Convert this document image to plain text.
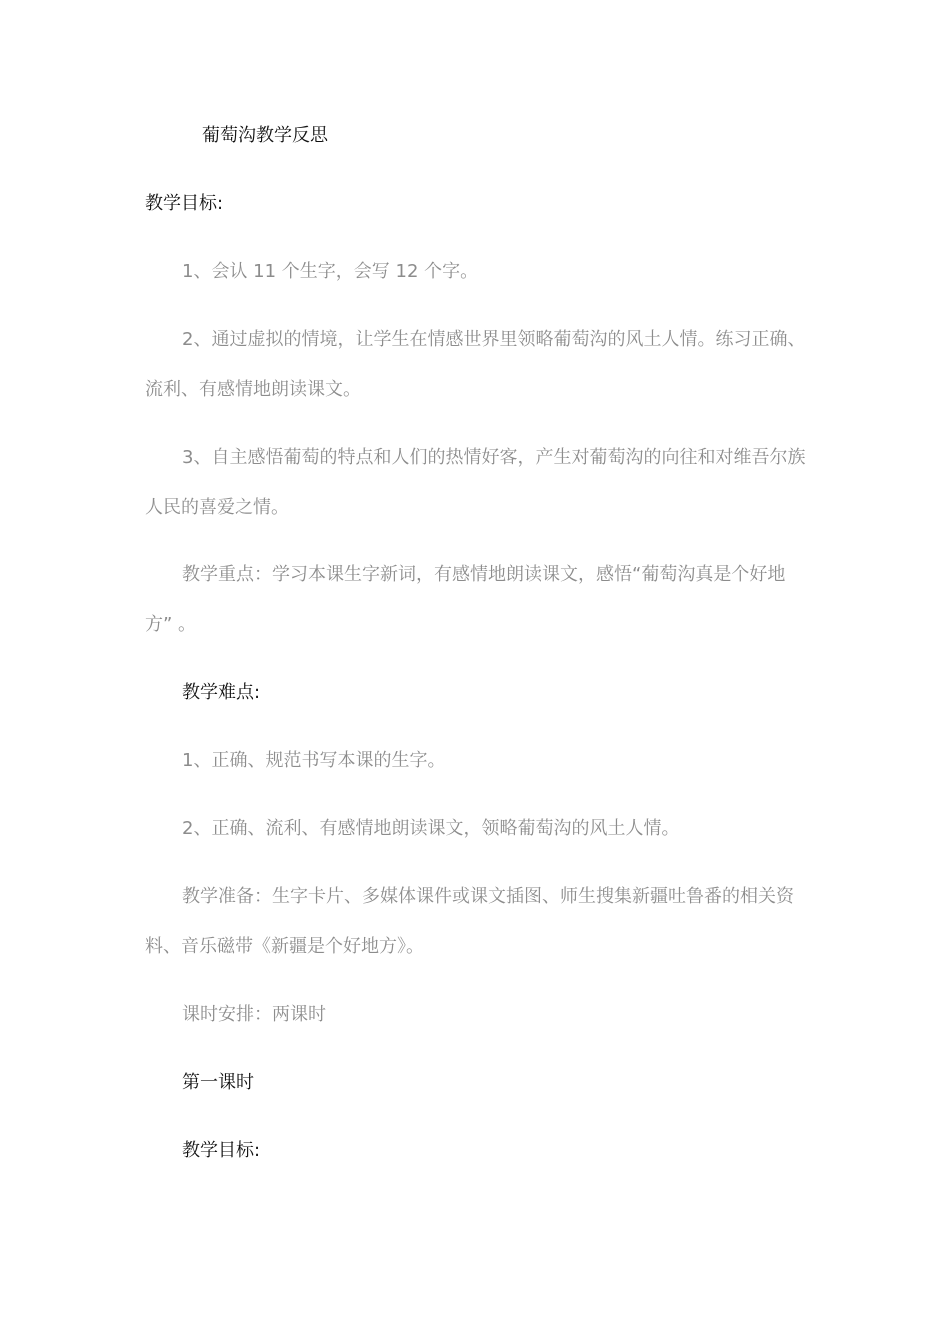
葡萄沟教学反思

教学目标:

1、会认 11 个生字，会写 12 个字。

2、通过虚拟的情境，让学生在情感世界里领略葡萄沟的风土人情。练习正确、流利、有感情地朗读课文。

3、自主感悟葡萄的特点和人们的热情好客，产生对葡萄沟的向往和对维吾尔族人民的喜爱之情。

教学重点：学习本课生字新词，有感情地朗读课文，感悟“葡萄沟真是个好地方” 。

教学难点:

1、正确、规范书写本课的生字。

2、正确、流利、有感情地朗读课文，领略葡萄沟的风土人情。

教学准备：生字卡片、多媒体课件或课文插图、师生搜集新疆吐鲁番的相关资料、音乐磁带《新疆是个好地方》。

课时安排：两课时

第一课时

教学目标:
